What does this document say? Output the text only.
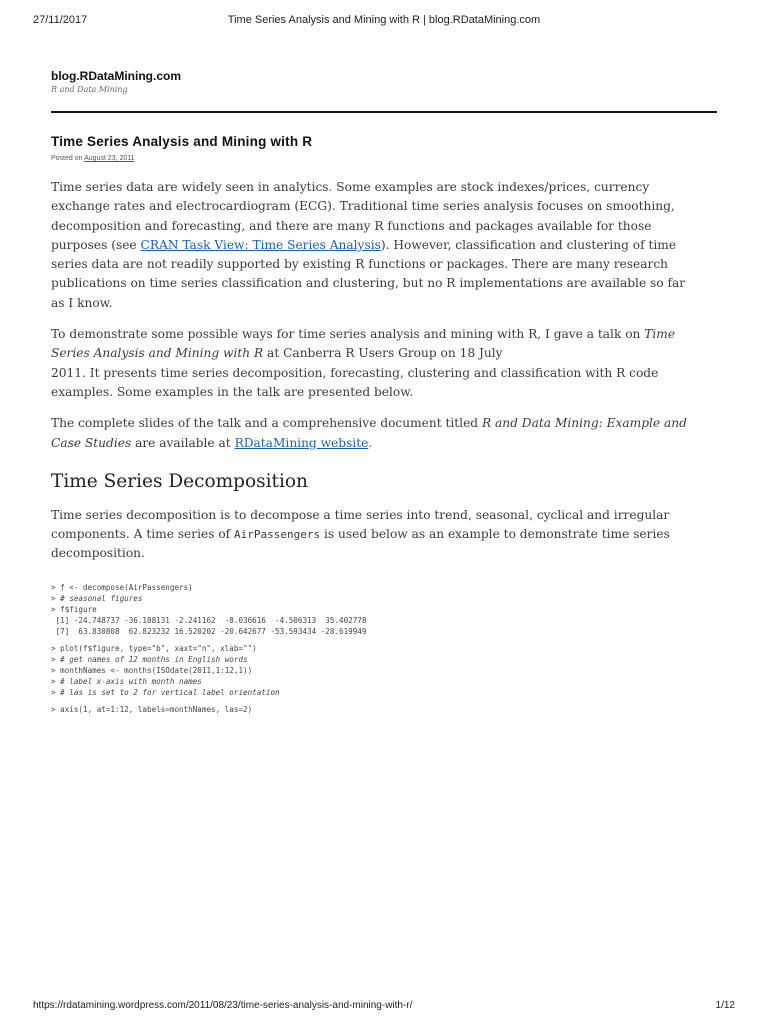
27/11/2017	Time Series Analysis and Mining with R | blog.RDataMining.com
blog.RDataMining.com
R and Data Mining
Time Series Analysis and Mining with R
Posted on August 23, 2011

Time series data are widely seen in analytics. Some examples are stock indexes/prices, currency exchange rates and electrocardiogram (ECG). Traditional time series analysis focuses on smoothing, decomposition and forecasting, and there are many R functions and packages available for those purposes (see CRAN Task View: Time Series Analysis). However, classification and clustering of time series data are not readily supported by existing R functions or packages. There are many research publications on time series classification and clustering, but no R implementations are available so far as I know.

To demonstrate some possible ways for time series analysis and mining with R, I gave a talk on Time Series Analysis and Mining with R at Canberra R Users Group on 18 July
2011. It presents time series decomposition, forecasting, clustering and classification with R code examples. Some examples in the talk are presented below.

The complete slides of the talk and a comprehensive document titled R and Data Mining: Example and Case Studies are available at RDataMining website.

Time Series Decomposition

Time series decomposition is to decompose a time series into trend, seasonal, cyclical and irregular components. A time series of AirPassengers is used below as an example to demonstrate time series decomposition.

> f <- decompose(AirPassengers)
> # seasonal figures
> f$figure
[1] -24.748737 -36.188131 -2.241162  -8.036616  -4.506313  35.402778
[7]  63.830808  62.823232 16.520202 -20.642677 -53.593434 -28.619949
> plot(f$figure, type="b", xaxt="n", xlab="")
> # get names of 12 months in English words
> monthNames <- months(ISOdate(2011,1:12,1))
> # label x-axis with month names
> # las is set to 2 for vertical label orientation
> axis(1, at=1:12, labels=monthNames, las=2)
https://rdatamining.wordpress.com/2011/08/23/time-series-analysis-and-mining-with-r/	1/12
